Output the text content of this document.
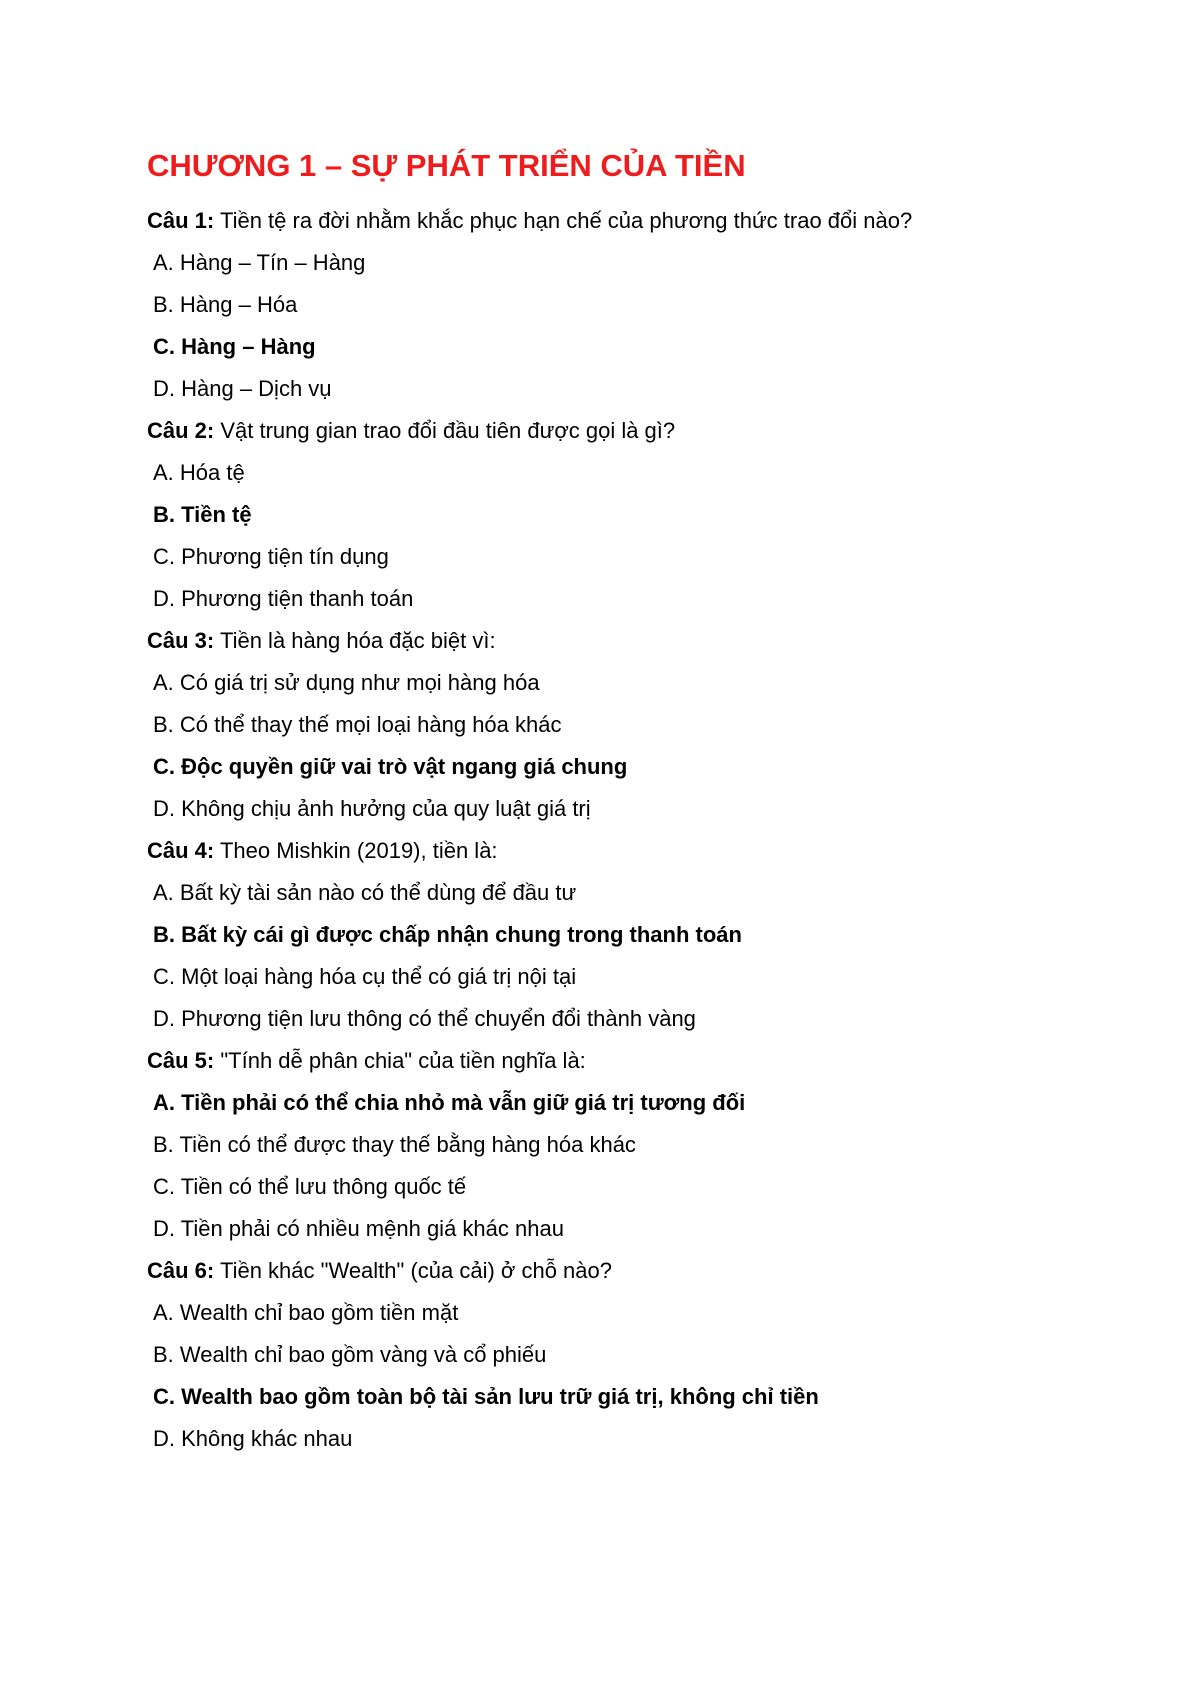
CHƯƠNG 1 – SỰ PHÁT TRIỂN CỦA TIỀN
Câu 1: Tiền tệ ra đời nhằm khắc phục hạn chế của phương thức trao đổi nào?
A. Hàng – Tín – Hàng
B. Hàng – Hóa
C. Hàng – Hàng
D. Hàng – Dịch vụ
Câu 2: Vật trung gian trao đổi đầu tiên được gọi là gì?
A. Hóa tệ
B. Tiền tệ
C. Phương tiện tín dụng
D. Phương tiện thanh toán
Câu 3: Tiền là hàng hóa đặc biệt vì:
A. Có giá trị sử dụng như mọi hàng hóa
B. Có thể thay thế mọi loại hàng hóa khác
C. Độc quyền giữ vai trò vật ngang giá chung
D. Không chịu ảnh hưởng của quy luật giá trị
Câu 4: Theo Mishkin (2019), tiền là:
A. Bất kỳ tài sản nào có thể dùng để đầu tư
B. Bất kỳ cái gì được chấp nhận chung trong thanh toán
C. Một loại hàng hóa cụ thể có giá trị nội tại
D. Phương tiện lưu thông có thể chuyển đổi thành vàng
Câu 5: "Tính dễ phân chia" của tiền nghĩa là:
A. Tiền phải có thể chia nhỏ mà vẫn giữ giá trị tương đối
B. Tiền có thể được thay thế bằng hàng hóa khác
C. Tiền có thể lưu thông quốc tế
D. Tiền phải có nhiều mệnh giá khác nhau
Câu 6: Tiền khác "Wealth" (của cải) ở chỗ nào?
A. Wealth chỉ bao gồm tiền mặt
B. Wealth chỉ bao gồm vàng và cổ phiếu
C. Wealth bao gồm toàn bộ tài sản lưu trữ giá trị, không chỉ tiền
D. Không khác nhau
